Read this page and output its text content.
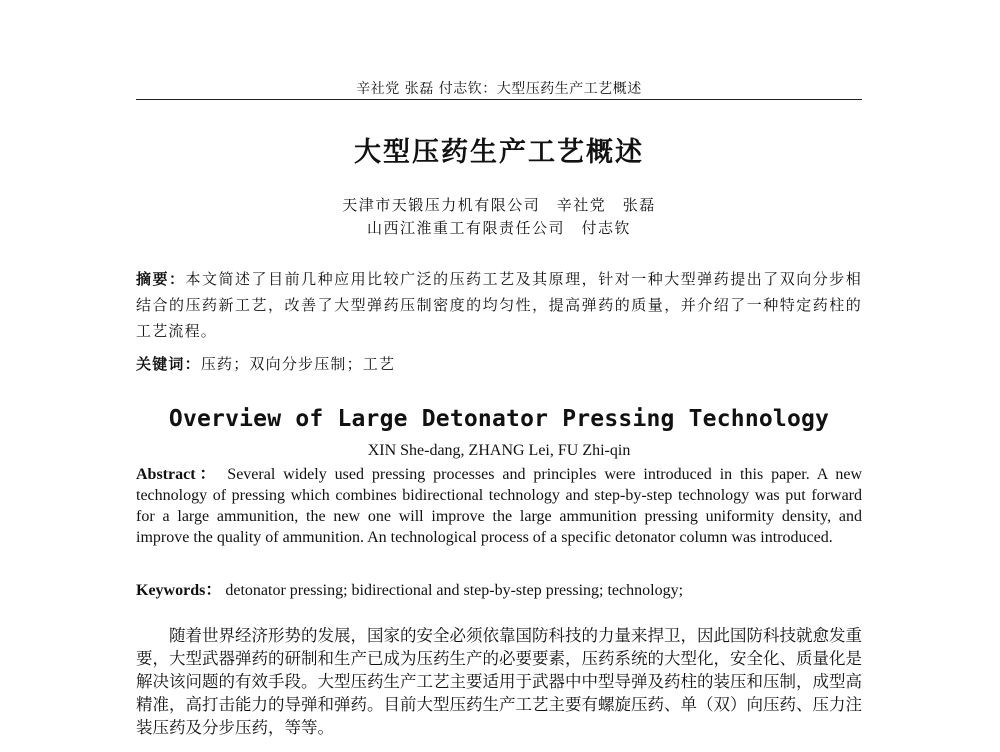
辛社党 张磊 付志钦：大型压药生产工艺概述
大型压药生产工艺概述
天津市天锻压力机有限公司　辛社党　张磊
山西江淮重工有限责任公司　付志钦
摘要：本文简述了目前几种应用比较广泛的压药工艺及其原理，针对一种大型弹药提出了双向分步相结合的压药新工艺，改善了大型弹药压制密度的均匀性，提高弹药的质量，并介绍了一种特定药柱的工艺流程。
关键词：压药；双向分步压制；工艺
Overview of Large Detonator Pressing Technology
XIN She-dang, ZHANG Lei, FU Zhi-qin
Abstract： Several widely used pressing processes and principles were introduced in this paper. A new technology of pressing which combines bidirectional technology and step-by-step technology was put forward for a large ammunition, the new one will improve the large ammunition pressing uniformity density, and improve the quality of ammunition. An technological process of a specific detonator column was introduced.
Keywords： detonator pressing; bidirectional and step-by-step pressing; technology;
随着世界经济形势的发展，国家的安全必须依靠国防科技的力量来捍卫，因此国防科技就愈发重要，大型武器弹药的研制和生产已成为压药生产的必要要素，压药系统的大型化，安全化、质量化是解决该问题的有效手段。大型压药生产工艺主要适用于武器中中型导弹及药柱的装压和压制，成型高精准，高打击能力的导弹和弹药。目前大型压药生产工艺主要有螺旋压药、单（双）向压药、压力注装压药及分步压药，等等。
